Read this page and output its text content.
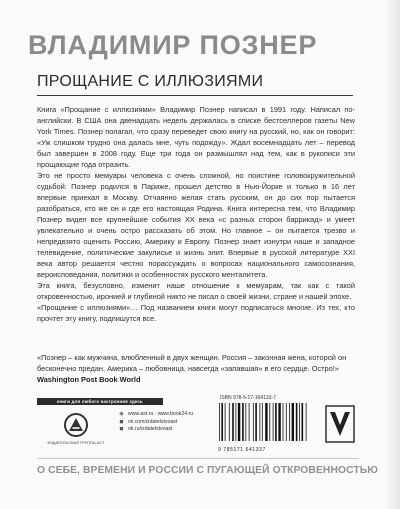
ВЛАДИМИР ПОЗНЕР
ПРОЩАНИЕ С ИЛЛЮЗИЯМИ

Книга «Прощание с иллюзиями» Владимир Познер написал в 1991 году. Написал по-английски. В США она двенадцать недель держалась в списке бестселлеров газеты New York Times. Познер полагал, что сразу переведет свою книгу на русский, но, как он говорит: «Уж слишком трудно она далась мне, чуть подожду». Ждал восемнадцать лет – перевод был завершен в 2008 году. Еще три года он размышлял над тем, как в рукописи эти прощающие года отразить.

Это не просто мемуары человека с очень сложной, но поистине головокружительной судьбой: Познер родился в Париже, прошел детство в Нью-Йорке и только в 16 лет впервые приехал в Москву. Отчаянно желая стать русским, он до сих пор пытается разобраться, кто же он и где его настоящая Родина. Книга интересна тем, что Владимир Познер видел все крупнейшие события XX века «с разных сторон баррикад» и умеет увлекательно и очень остро рассказать об этом. Но главное – он пытается трезво и непредвзято оценить Россию, Америку и Европу. Познер знает изнутри наше и западное телевидение, политические закулисье и жизнь элит. Впервые в русской литературе XXI века автор решается честно порассуждать о вопросах национального самосознания, вероисповедания, политики и особенностях русского менталитета.

Эта книга, безусловно, изменит наше отношение к мемуарам, так как с такой откровенностью, иронией и глубиной никто не писал о своей жизни, стране и нашей эпохе.

«Прощание с иллюзиями»… Под названием книги могут подписаться многие. Из тех, кто прочтет эту книгу, подпишутся все.

«Познер – как мужчина, влюбленный в двух женщин. Россия – законная жена, которой он бесконечно предан, Америка – любовница, навсегда «запавшая» в его сердце. Остро!»
Washington Post Book World
книги для любого настроения здесь
ИЗДАТЕЛЬСКАЯ ГРУППА АСТ
◉ www.ast.ru ∙ www.book24.ru
◼ vk.com/izdatelstvoast
◼ ok.ru/izdatelstvoast
ISBN 978-5-17-164133-7
9 785171 641337
О СЕБЕ, ВРЕМЕНИ И РОССИИ С ПУГАЮЩЕЙ ОТКРОВЕННОСТЬЮ
